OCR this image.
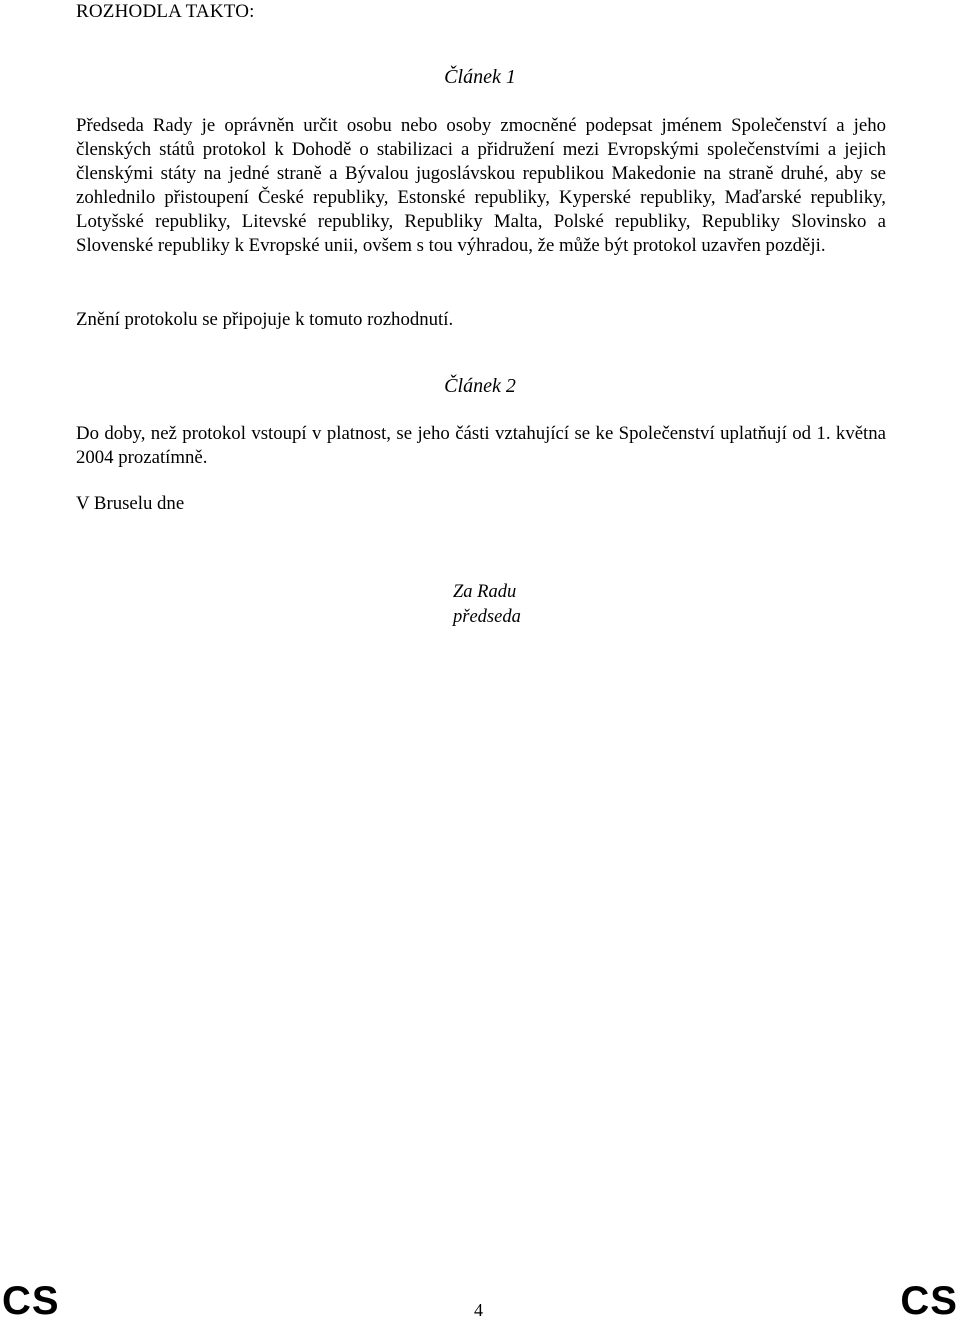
ROZHODLA TAKTO:
Článek 1

Předseda Rady je oprávněn určit osobu nebo osoby zmocněné podepsat jménem Společenství a jeho členských států protokol k Dohodě o stabilizaci a přidružení mezi Evropskými společenstvími a jejich členskými státy na jedné straně a Bývalou jugoslávskou republikou Makedonie na straně druhé, aby se zohlednilo přistoupení České republiky, Estonské republiky, Kyperské republiky, Maďarské republiky, Lotyšské republiky, Litevské republiky, Republiky Malta, Polské republiky, Republiky Slovinsko a Slovenské republiky k Evropské unii, ovšem s tou výhradou, že může být protokol uzavřen později.

Znění protokolu se připojuje k tomuto rozhodnutí.
Článek 2

Do doby, než protokol vstoupí v platnost, se jeho části vztahující se ke Společenství uplatňují od 1. května 2004 prozatímně.

V Bruselu dne
Za Radu
předseda
CS	4	CS
